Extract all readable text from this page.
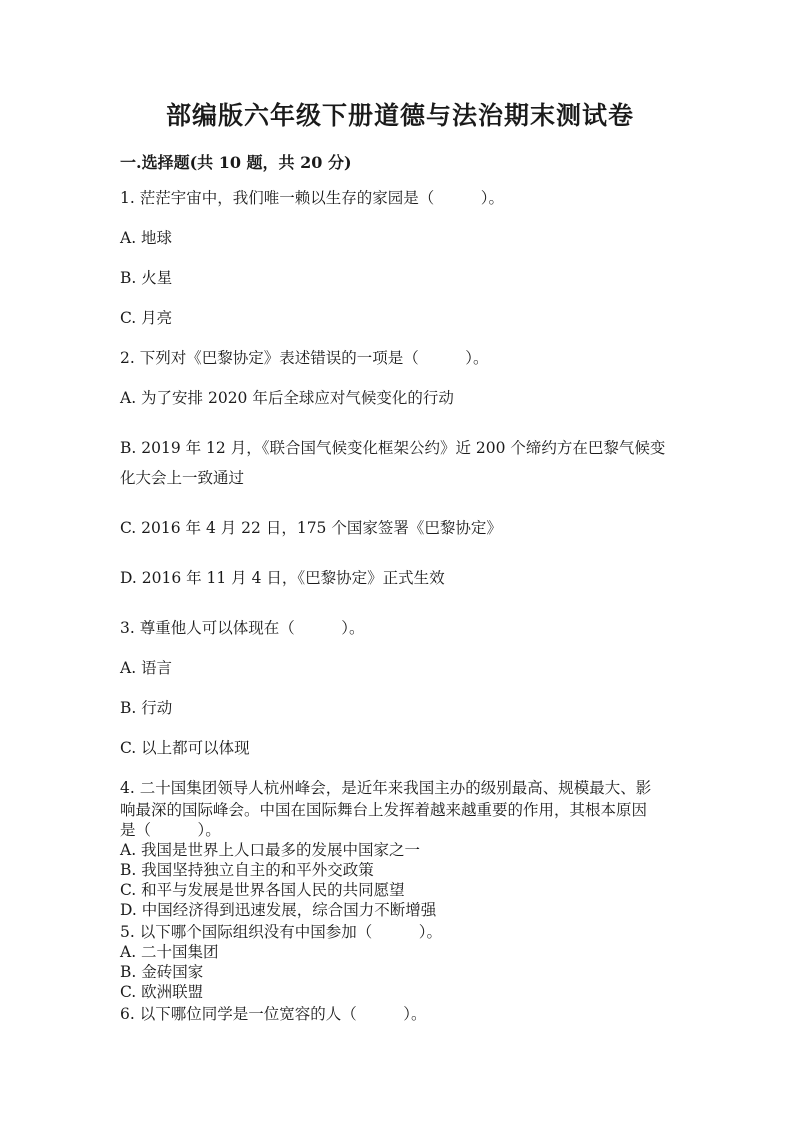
部编版六年级下册道德与法治期末测试卷
一.选择题(共 10 题，共 20 分)

1. 茫茫宇宙中，我们唯一赖以生存的家园是（　　　）。

A. 地球

B. 火星

C. 月亮

2. 下列对《巴黎协定》表述错误的一项是（　　　）。

A. 为了安排 2020 年后全球应对气候变化的行动

B. 2019 年 12 月，《联合国气候变化框架公约》近 200 个缔约方在巴黎气候变

化大会上一致通过

C. 2016 年 4 月 22 日，175 个国家签署《巴黎协定》

D. 2016 年 11 月 4 日，《巴黎协定》正式生效

3. 尊重他人可以体现在（　　　）。

A. 语言

B. 行动

C. 以上都可以体现

4. 二十国集团领导人杭州峰会，是近年来我国主办的级别最高、规模最大、影

响最深的国际峰会。中国在国际舞台上发挥着越来越重要的作用，其根本原因

是（　　　）。

A. 我国是世界上人口最多的发展中国家之一

B. 我国坚持独立自主的和平外交政策

C. 和平与发展是世界各国人民的共同愿望

D. 中国经济得到迅速发展，综合国力不断增强

5. 以下哪个国际组织没有中国参加（　　　）。

A. 二十国集团

B. 金砖国家

C. 欧洲联盟

6. 以下哪位同学是一位宽容的人（　　　）。
